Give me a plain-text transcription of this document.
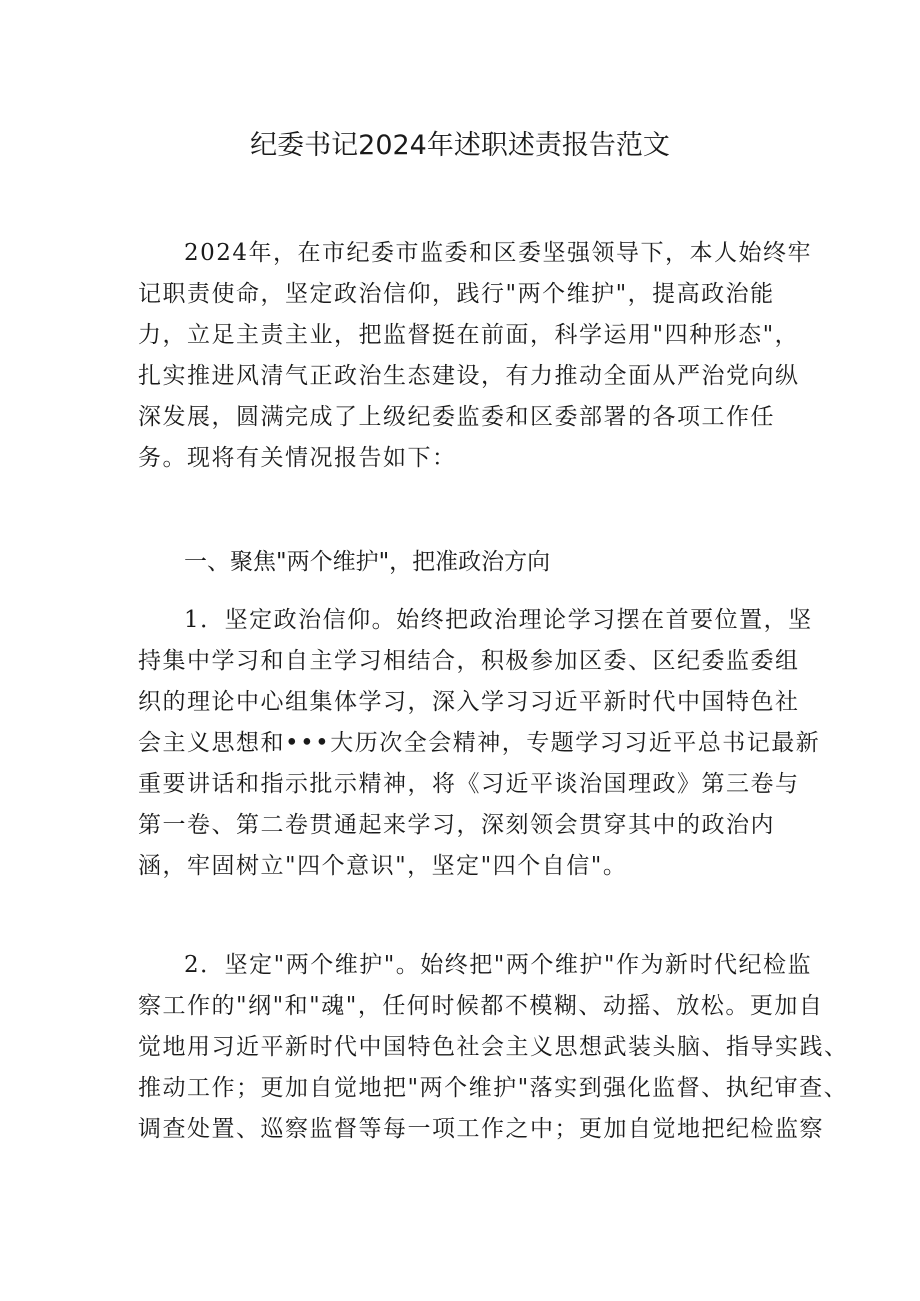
纪委书记2024年述职述责报告范文
2024年，在市纪委市监委和区委坚强领导下，本人始终牢
记职责使命，坚定政治信仰，践行"两个维护"，提高政治能
力，立足主责主业，把监督挺在前面，科学运用"四种形态"，
扎实推进风清气正政治生态建设，有力推动全面从严治党向纵
深发展，圆满完成了上级纪委监委和区委部署的各项工作任
务。现将有关情况报告如下：
一、聚焦"两个维护"，把准政治方向
1．坚定政治信仰。始终把政治理论学习摆在首要位置，坚
持集中学习和自主学习相结合，积极参加区委、区纪委监委组
织的理论中心组集体学习，深入学习习近平新时代中国特色社
会主义思想和•••大历次全会精神，专题学习习近平总书记最新
重要讲话和指示批示精神，将《习近平谈治国理政》第三卷与
第一卷、第二卷贯通起来学习，深刻领会贯穿其中的政治内
涵，牢固树立"四个意识"，坚定"四个自信"。
2．坚定"两个维护"。始终把"两个维护"作为新时代纪检监
察工作的"纲"和"魂"，任何时候都不模糊、动摇、放松。更加自
觉地用习近平新时代中国特色社会主义思想武装头脑、指导实践、
推动工作；更加自觉地把"两个维护"落实到强化监督、执纪审查、
调查处置、巡察监督等每一项工作之中；更加自觉地把纪检监察
